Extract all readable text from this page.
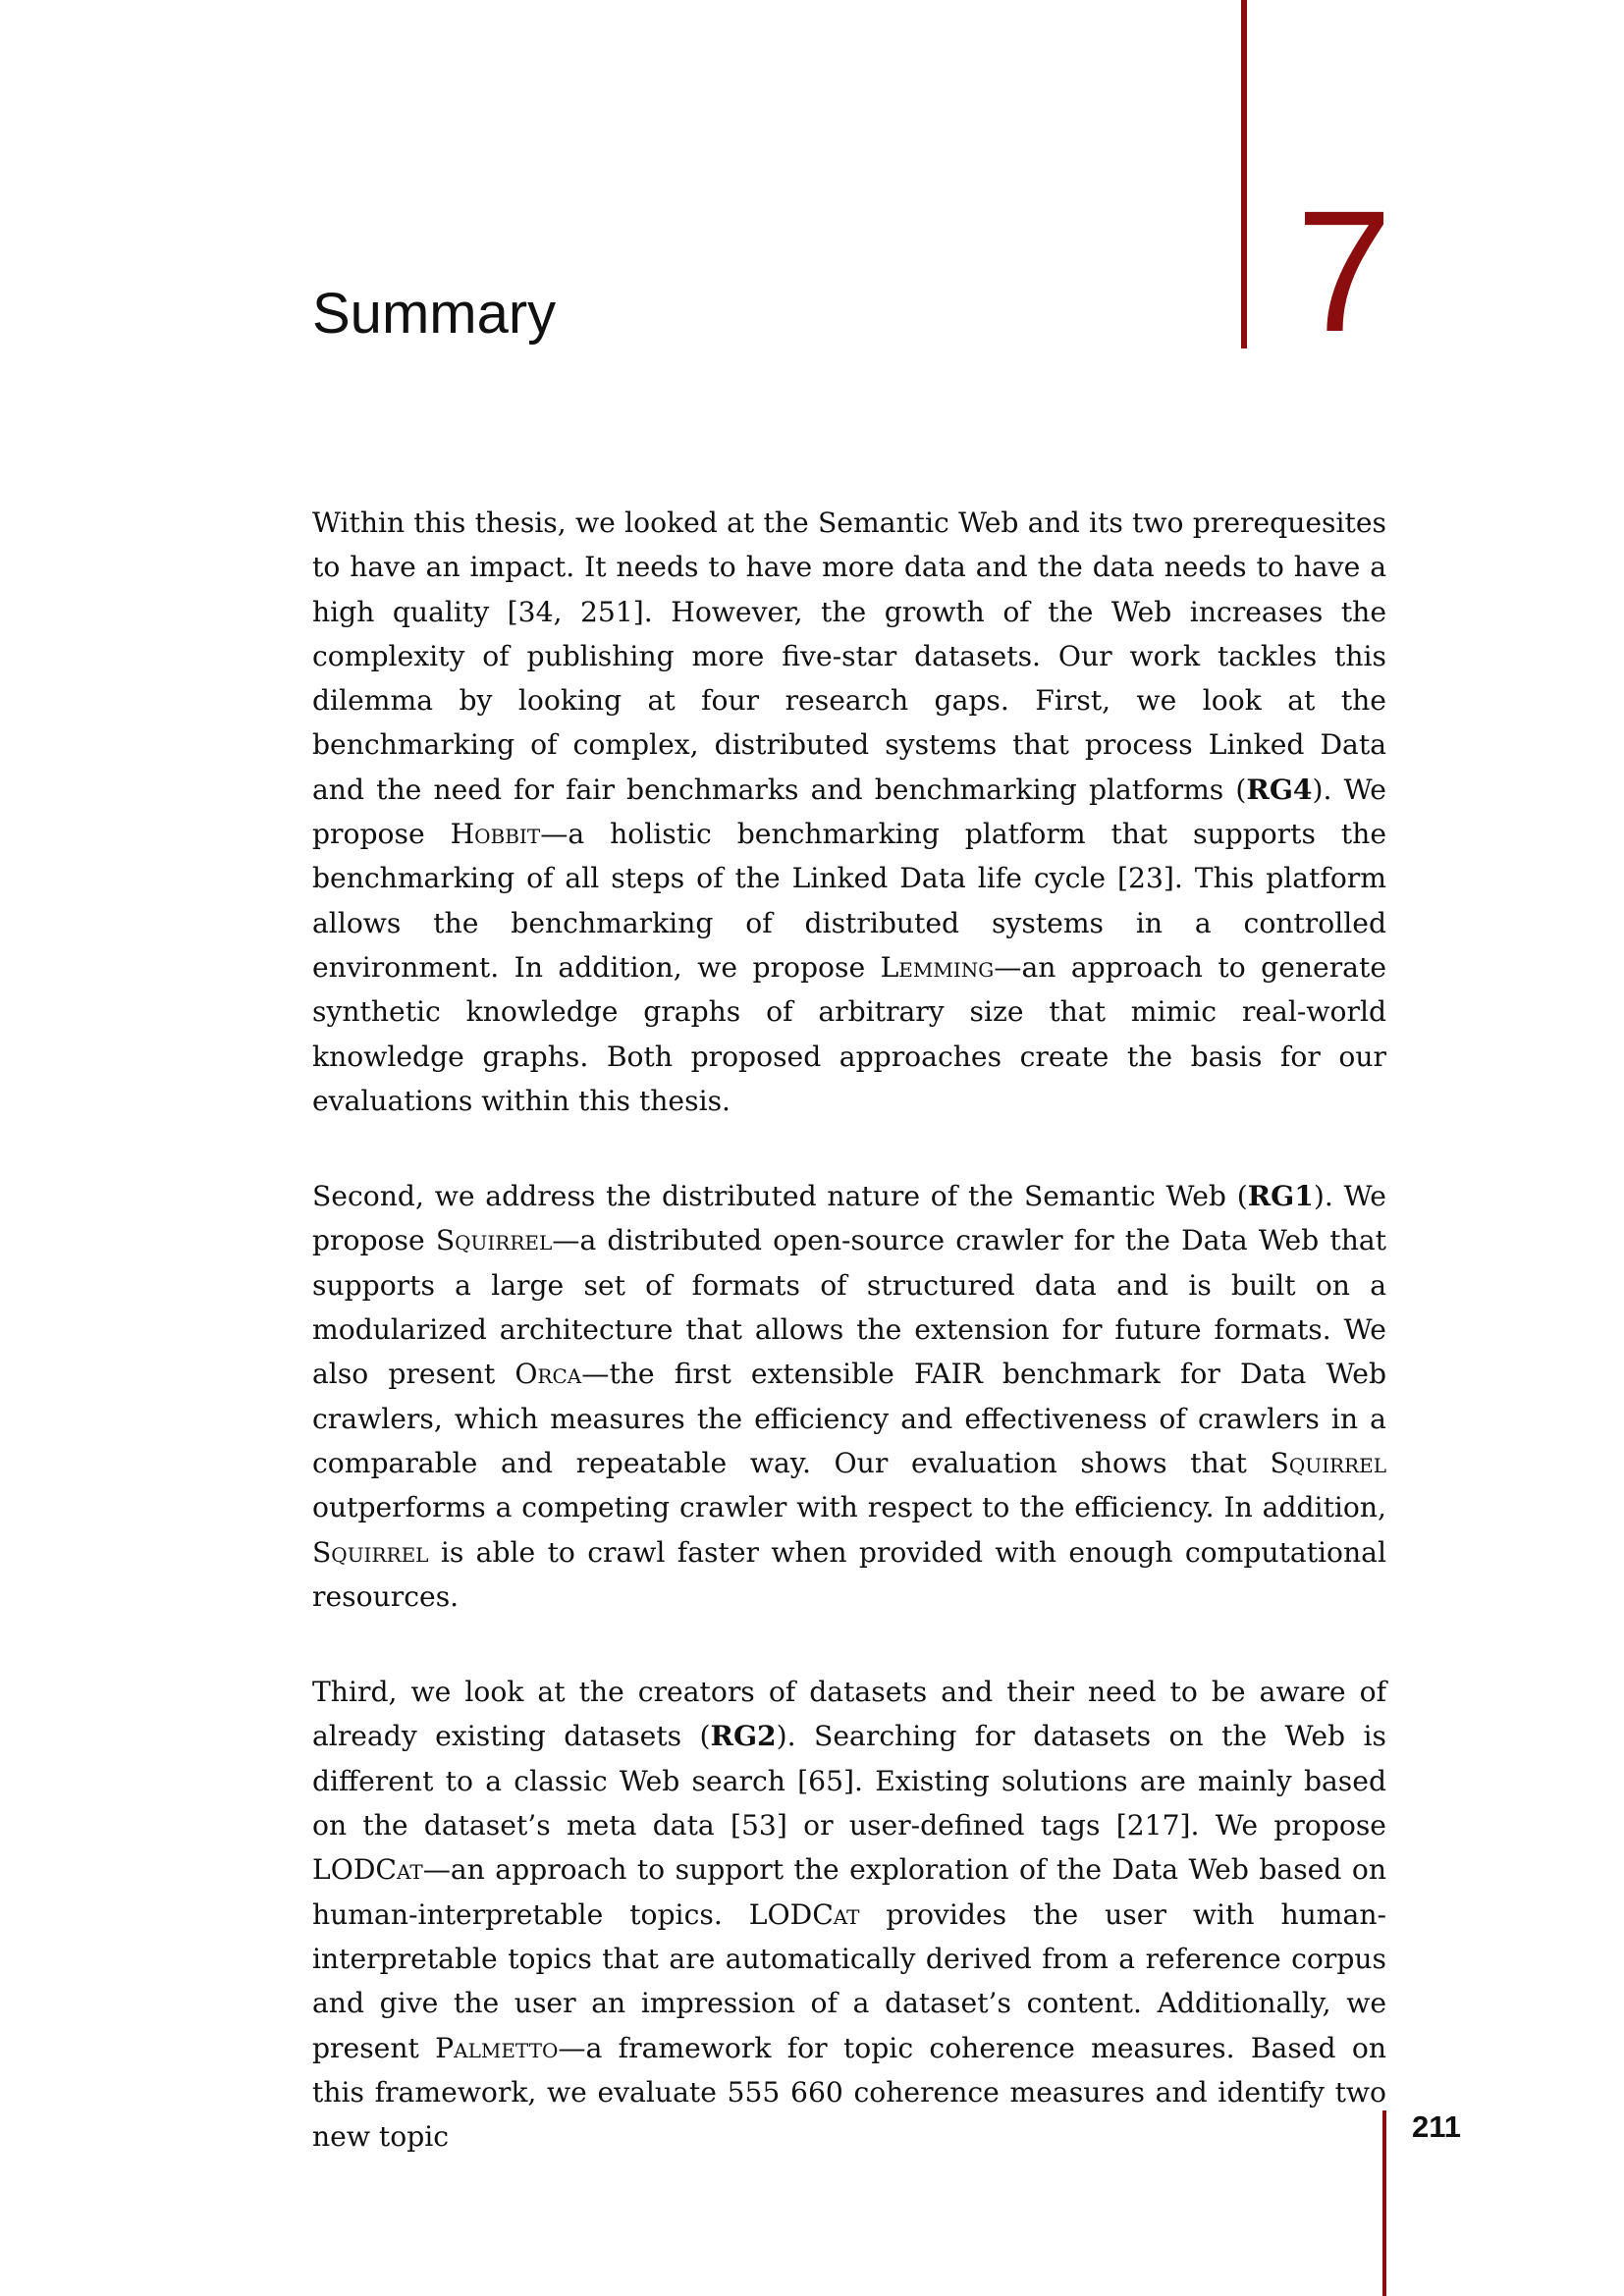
7
Summary

Within this thesis, we looked at the Semantic Web and its two prerequesites to have an impact. It needs to have more data and the data needs to have a high quality [34, 251]. However, the growth of the Web increases the complexity of publishing more five-star datasets. Our work tackles this dilemma by looking at four research gaps. First, we look at the benchmarking of complex, distributed systems that process Linked Data and the need for fair benchmarks and benchmarking platforms (RG4). We propose Hobbit—a holistic benchmarking platform that supports the benchmarking of all steps of the Linked Data life cycle [23]. This platform allows the benchmarking of distributed systems in a controlled environment. In addition, we propose Lemming—an approach to generate synthetic knowledge graphs of arbitrary size that mimic real-world knowledge graphs. Both proposed approaches create the basis for our evaluations within this thesis.

Second, we address the distributed nature of the Semantic Web (RG1). We propose Squirrel—a distributed open-source crawler for the Data Web that supports a large set of formats of structured data and is built on a modularized architecture that allows the extension for future formats. We also present Orca—the first extensible FAIR benchmark for Data Web crawlers, which measures the efficiency and effectiveness of crawlers in a comparable and repeatable way. Our evaluation shows that Squirrel outperforms a competing crawler with respect to the efficiency. In addition, Squirrel is able to crawl faster when provided with enough computational resources.

Third, we look at the creators of datasets and their need to be aware of already existing datasets (RG2). Searching for datasets on the Web is different to a classic Web search [65]. Existing solutions are mainly based on the dataset’s meta data [53] or user-defined tags [217]. We propose LODCat—an approach to support the exploration of the Data Web based on human-interpretable topics. LODCat provides the user with human-interpretable topics that are automatically derived from a reference corpus and give the user an impression of a dataset’s content. Additionally, we present Palmetto—a framework for topic coherence measures. Based on this framework, we evaluate 555 660 coherence measures and identify two new topic	211
